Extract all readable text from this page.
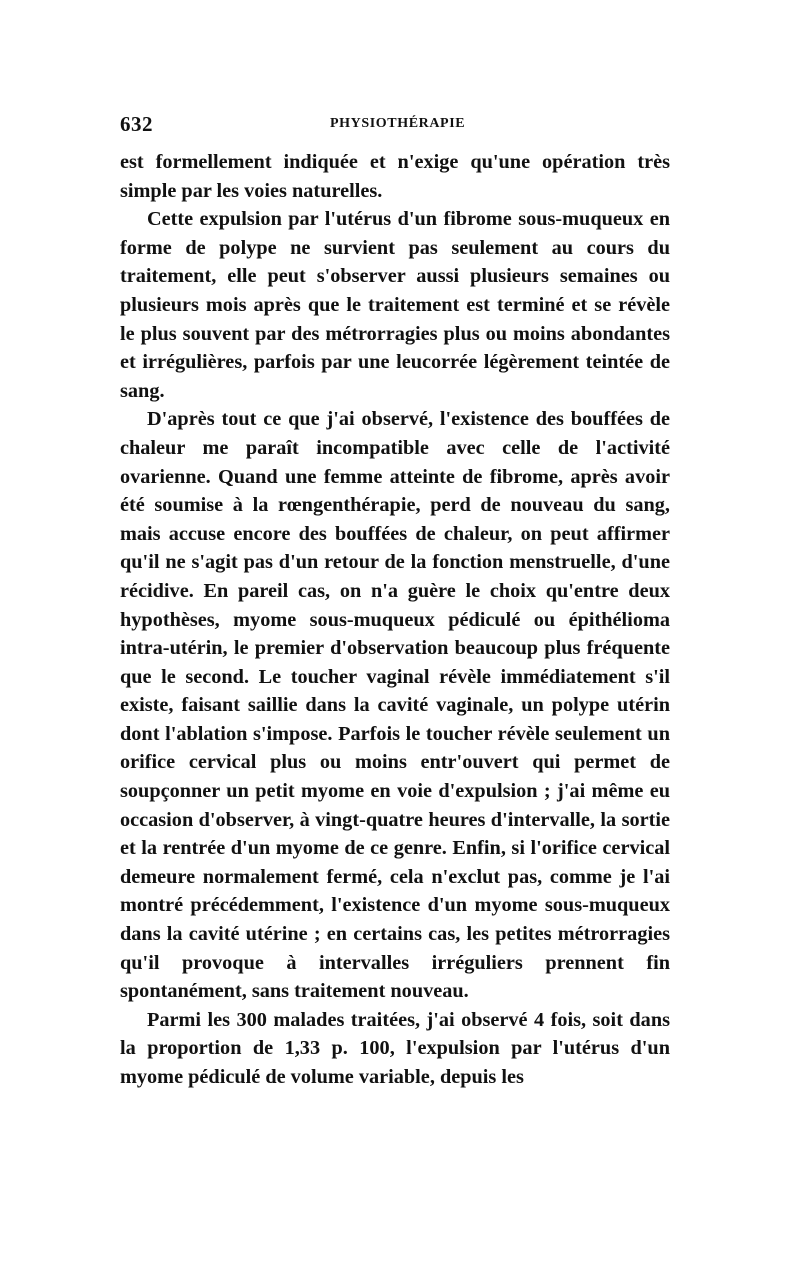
632	PHYSIOTHÉRAPIE

est formellement indiquée et n'exige qu'une opération très simple par les voies naturelles.

Cette expulsion par l'utérus d'un fibrome sous-muqueux en forme de polype ne survient pas seulement au cours du traitement, elle peut s'observer aussi plusieurs semaines ou plusieurs mois après que le traitement est terminé et se révèle le plus souvent par des métrorragies plus ou moins abondantes et irrégulières, parfois par une leucorrée légèrement teintée de sang.

D'après tout ce que j'ai observé, l'existence des bouffées de chaleur me paraît incompatible avec celle de l'activité ovarienne. Quand une femme atteinte de fibrome, après avoir été soumise à la rœngenthérapie, perd de nouveau du sang, mais accuse encore des bouffées de chaleur, on peut affirmer qu'il ne s'agit pas d'un retour de la fonction menstruelle, d'une récidive. En pareil cas, on n'a guère le choix qu'entre deux hypothèses, myome sous-muqueux pédiculé ou épithélioma intra-utérin, le premier d'observation beaucoup plus fréquente que le second. Le toucher vaginal révèle immédiatement s'il existe, faisant saillie dans la cavité vaginale, un polype utérin dont l'ablation s'impose. Parfois le toucher révèle seulement un orifice cervical plus ou moins entr'ouvert qui permet de soupçonner un petit myome en voie d'expulsion ; j'ai même eu occasion d'observer, à vingt-quatre heures d'intervalle, la sortie et la rentrée d'un myome de ce genre. Enfin, si l'orifice cervical demeure normalement fermé, cela n'exclut pas, comme je l'ai montré précédemment, l'existence d'un myome sous-muqueux dans la cavité utérine ; en certains cas, les petites métrorragies qu'il provoque à intervalles irréguliers prennent fin spontanément, sans traitement nouveau.

Parmi les 300 malades traitées, j'ai observé 4 fois, soit dans la proportion de 1,33 p. 100, l'expulsion par l'utérus d'un myome pédiculé de volume variable, depuis les
